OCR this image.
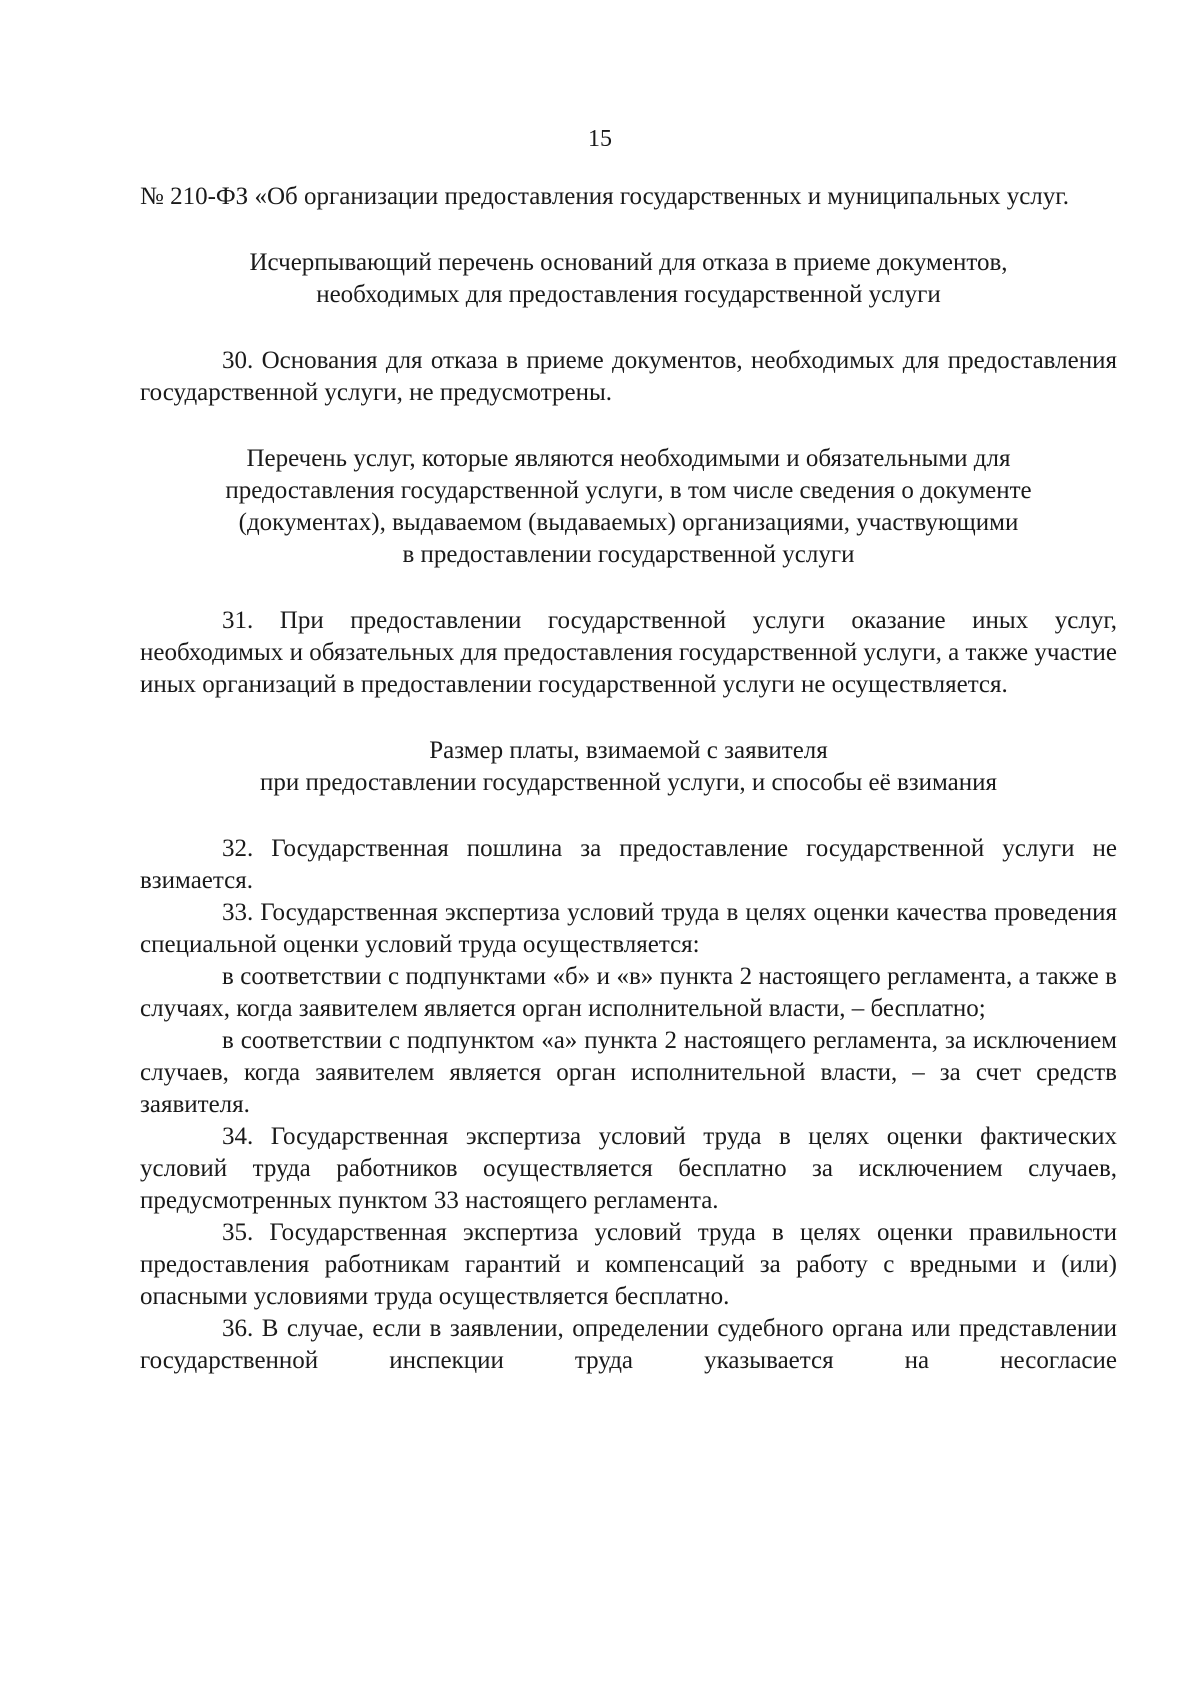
15

№ 210-ФЗ «Об организации предоставления государственных и муниципальных услуг.

Исчерпывающий перечень оснований для отказа в приеме документов,
необходимых для предоставления государственной услуги

30. Основания для отказа в приеме документов, необходимых для предоставления государственной услуги, не предусмотрены.

Перечень услуг, которые являются необходимыми и обязательными для
предоставления государственной услуги, в том числе сведения о документе
(документах), выдаваемом (выдаваемых) организациями, участвующими
в предоставлении государственной услуги

31. При предоставлении государственной услуги оказание иных услуг, необходимых и обязательных для предоставления государственной услуги, а также участие иных организаций в предоставлении государственной услуги не осуществляется.

Размер платы, взимаемой с заявителя
при предоставлении государственной услуги, и способы её взимания

32. Государственная пошлина за предоставление государственной услуги не взимается.

33. Государственная экспертиза условий труда в целях оценки качества проведения специальной оценки условий труда осуществляется:

в соответствии с подпунктами «б» и «в» пункта 2 настоящего регламента, а также в случаях, когда заявителем является орган исполнительной власти, – бесплатно;

в соответствии с подпунктом «а» пункта 2 настоящего регламента, за исключением случаев, когда заявителем является орган исполнительной власти, – за счет средств заявителя.

34. Государственная экспертиза условий труда в целях оценки фактических условий труда работников осуществляется бесплатно за исключением случаев, предусмотренных пунктом 33 настоящего регламента.

35. Государственная экспертиза условий труда в целях оценки правильности предоставления работникам гарантий и компенсаций за работу с вредными и (или) опасными условиями труда осуществляется бесплатно.

36. В случае, если в заявлении, определении судебного органа или представлении государственной инспекции труда указывается на несогласие
